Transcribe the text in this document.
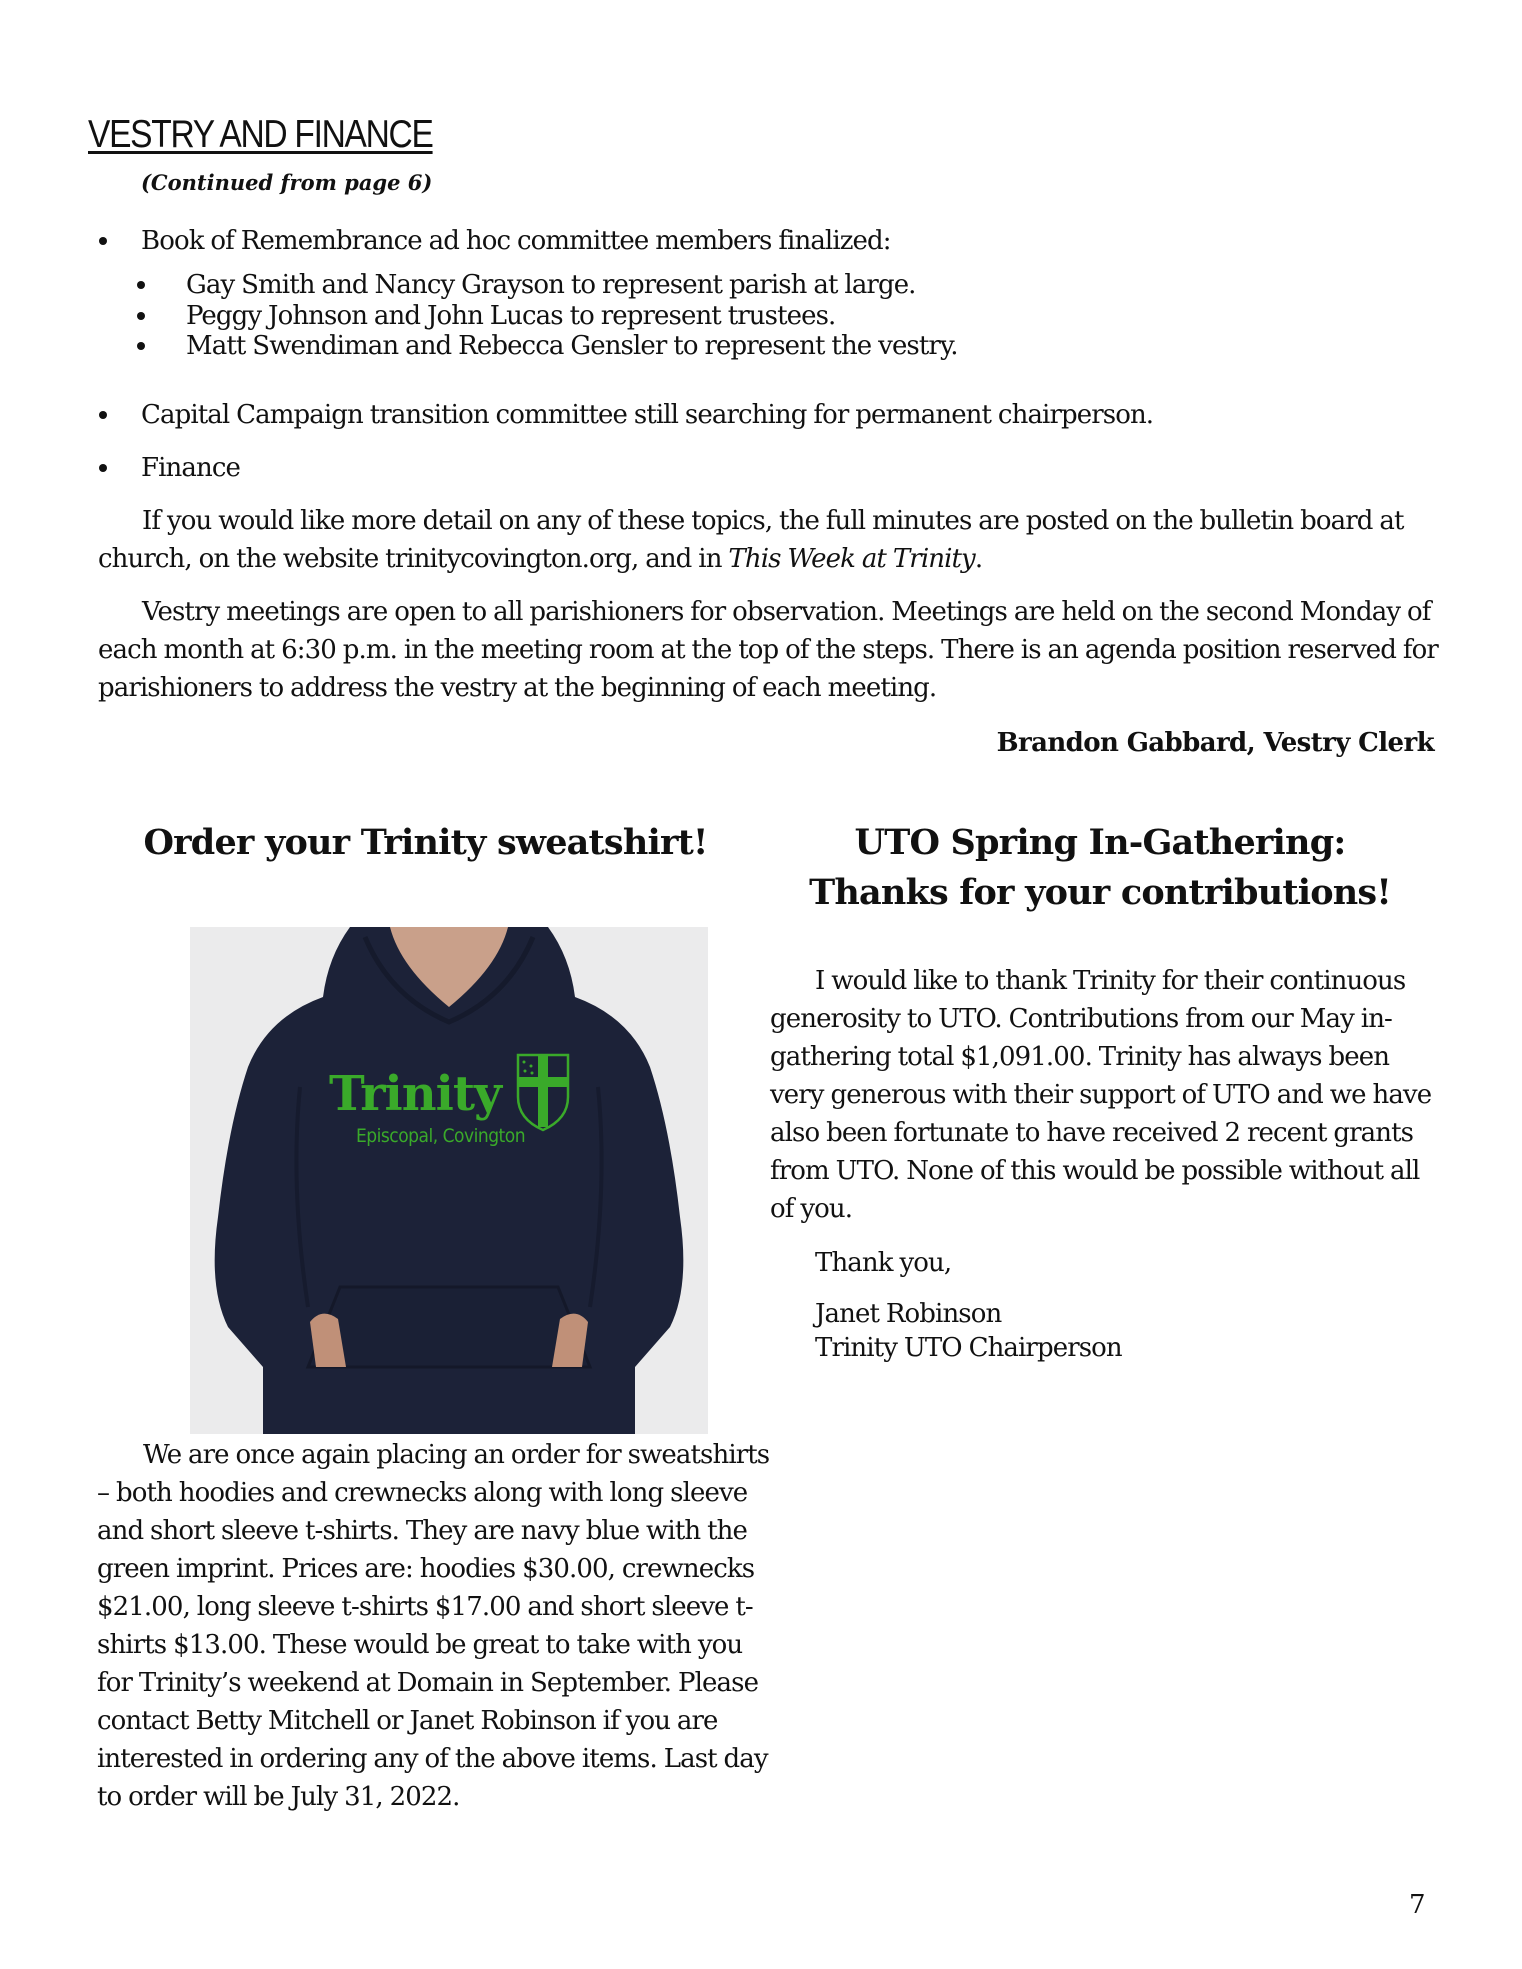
VESTRY AND FINANCE
(Continued from page 6)
Book of Remembrance ad hoc committee members finalized:
Gay Smith and Nancy Grayson to represent parish at large.
Peggy Johnson and John Lucas to represent trustees.
Matt Swendiman and Rebecca Gensler to represent the vestry.
Capital Campaign transition committee still searching for permanent chairperson.
Finance

If you would like more detail on any of these topics, the full minutes are posted on the bulletin board at church, on the website trinitycovington.org, and in This Week at Trinity.

Vestry meetings are open to all parishioners for observation. Meetings are held on the second Monday of each month at 6:30 p.m. in the meeting room at the top of the steps. There is an agenda position reserved for parishioners to address the vestry at the beginning of each meeting.

Brandon Gabbard, Vestry Clerk
Order your Trinity sweatshirt!
Trinity
Episcopal, Covington

We are once again placing an order for sweatshirts – both hoodies and crewnecks along with long sleeve and short sleeve t-shirts. They are navy blue with the green imprint. Prices are: hoodies $30.00, crewnecks $21.00, long sleeve t-shirts $17.00 and short sleeve t-shirts $13.00. These would be great to take with you for Trinity’s weekend at Domain in September. Please contact Betty Mitchell or Janet Robinson if you are interested in ordering any of the above items. Last day to order will be July 31, 2022.

UTO Spring In-Gathering:
Thanks for your contributions!

I would like to thank Trinity for their continuous generosity to UTO. Contributions from our May in-gathering total $1,091.00. Trinity has always been very generous with their support of UTO and we have also been fortunate to have received 2 recent grants from UTO. None of this would be possible without all of you.

Thank you,

Janet Robinson

Trinity UTO Chairperson

7
